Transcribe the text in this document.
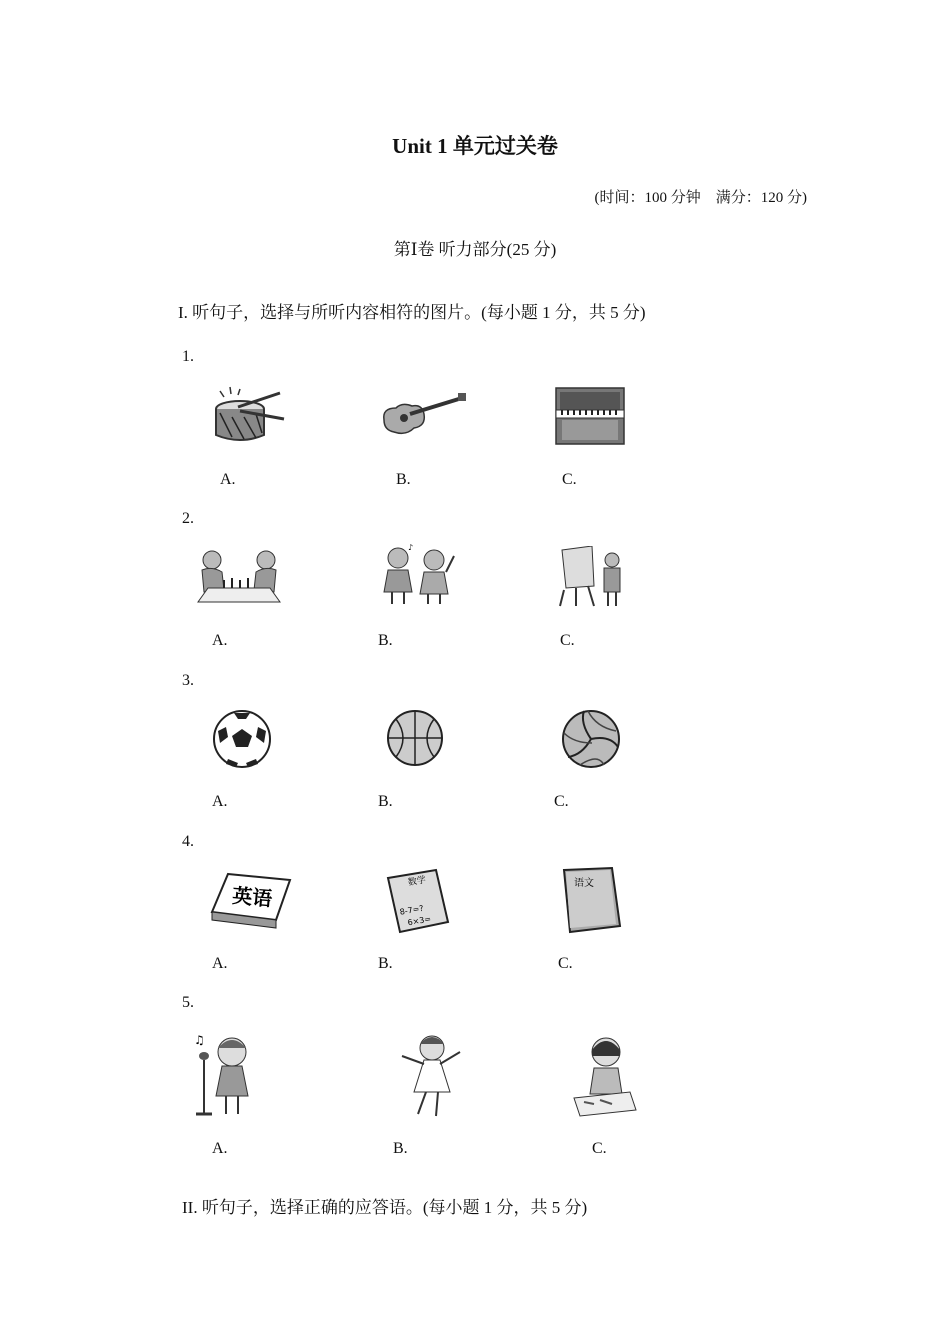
Unit 1 单元过关卷
(时间：100 分钟　满分：120 分)
第Ⅰ卷 听力部分(25 分)
I. 听句子，选择与所听内容相符的图片。(每小题 1 分，共 5 分)
1.
A.	B.	C.
2.
♪
A.	B.	C.
3.
A.	B.	C.
4.
英语
数学
8-7=?
6×3=
语文
A.	B.	C.
5.
♫
A.	B.	C.
II. 听句子，选择正确的应答语。(每小题 1 分，共 5 分)
